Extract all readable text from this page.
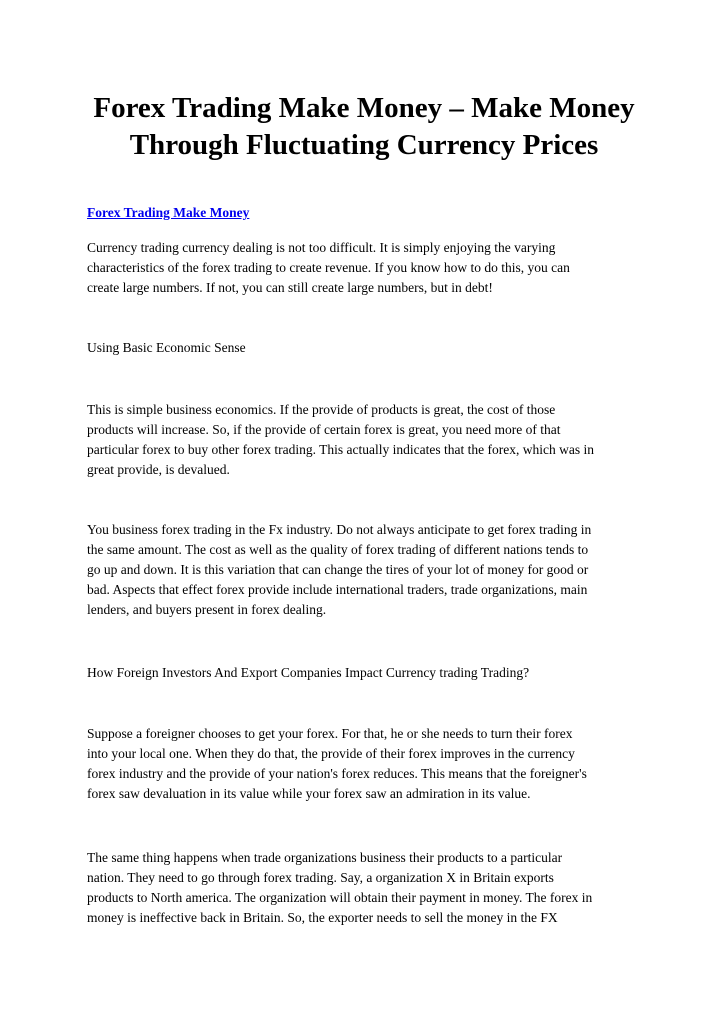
Forex Trading Make Money – Make Money
Through Fluctuating Currency Prices
Forex Trading Make Money

Currency trading currency dealing is not too difficult. It is simply enjoying the varying
characteristics of the forex trading to create revenue. If you know how to do this, you can
create large numbers. If not, you can still create large numbers, but in debt!

Using Basic Economic Sense

This is simple business economics. If the provide of products is great, the cost of those
products will increase. So, if the provide of certain forex is great, you need more of that
particular forex to buy other forex trading. This actually indicates that the forex, which was in
great provide, is devalued.

You business forex trading in the Fx industry. Do not always anticipate to get forex trading in
the same amount. The cost as well as the quality of forex trading of different nations tends to
go up and down. It is this variation that can change the tires of your lot of money for good or
bad. Aspects that effect forex provide include international traders, trade organizations, main
lenders, and buyers present in forex dealing.

How Foreign Investors And Export Companies Impact Currency trading Trading?

Suppose a foreigner chooses to get your forex. For that, he or she needs to turn their forex
into your local one. When they do that, the provide of their forex improves in the currency
forex industry and the provide of your nation's forex reduces. This means that the foreigner's
forex saw devaluation in its value while your forex saw an admiration in its value.

The same thing happens when trade organizations business their products to a particular
nation. They need to go through forex trading. Say, a organization X in Britain exports
products to North america. The organization will obtain their payment in money. The forex in
money is ineffective back in Britain. So, the exporter needs to sell the money in the FX
